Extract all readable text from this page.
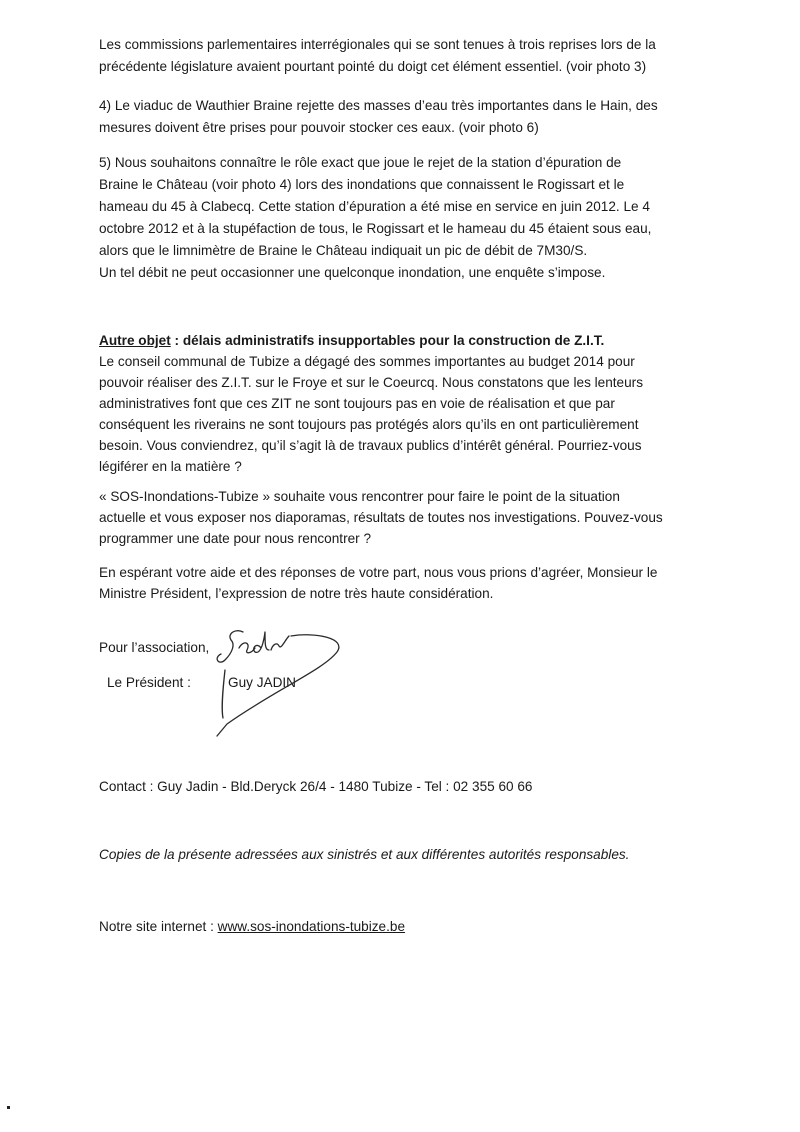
Les commissions parlementaires interrégionales qui se sont tenues à trois reprises lors de la
précédente législature avaient pourtant pointé du doigt cet élément essentiel. (voir photo 3)
4) Le viaduc de Wauthier Braine rejette des masses d’eau très importantes dans le Hain, des
mesures doivent être prises pour pouvoir stocker ces eaux. (voir photo 6)
5) Nous souhaitons connaître le rôle exact que joue le rejet de la station d’épuration de
Braine le Château (voir photo 4) lors des inondations que connaissent le Rogissart et le
hameau du 45 à Clabecq. Cette station d’épuration a été mise en service en juin 2012. Le 4
octobre 2012 et à la stupéfaction de tous, le Rogissart et le hameau du 45 étaient sous eau,
alors que le limnimètre de Braine le Château indiquait un pic de débit de 7M30/S.
Un tel débit ne peut occasionner une quelconque inondation, une enquête s’impose.
Autre objet : délais administratifs insupportables pour la construction de Z.I.T.
Le conseil communal de Tubize a dégagé des sommes importantes au budget 2014 pour
pouvoir réaliser des Z.I.T. sur le Froye et sur le Coeurcq. Nous constatons que les lenteurs
administratives font que ces ZIT ne sont toujours pas en voie de réalisation et que par
conséquent les riverains ne sont toujours pas protégés alors qu’ils en ont particulièrement
besoin. Vous conviendrez, qu’il s’agit là de travaux publics d’intérêt général. Pourriez-vous
légiférer en la matière ?
« SOS-Inondations-Tubize » souhaite vous rencontrer pour faire le point de la situation
actuelle et vous exposer nos diaporamas, résultats de toutes nos investigations. Pouvez-vous
programmer une date pour nous rencontrer ?
En espérant votre aide et des réponses de votre part, nous vous prions d’agréer, Monsieur le
Ministre Président, l’expression de notre très haute considération.
Pour l’association,
Le Président :	Guy JADIN
Contact : Guy Jadin - Bld.Deryck 26/4 - 1480 Tubize - Tel : 02 355 60 66
Copies de la présente adressées aux sinistrés et aux différentes autorités responsables.
Notre site internet : www.sos-inondations-tubize.be
